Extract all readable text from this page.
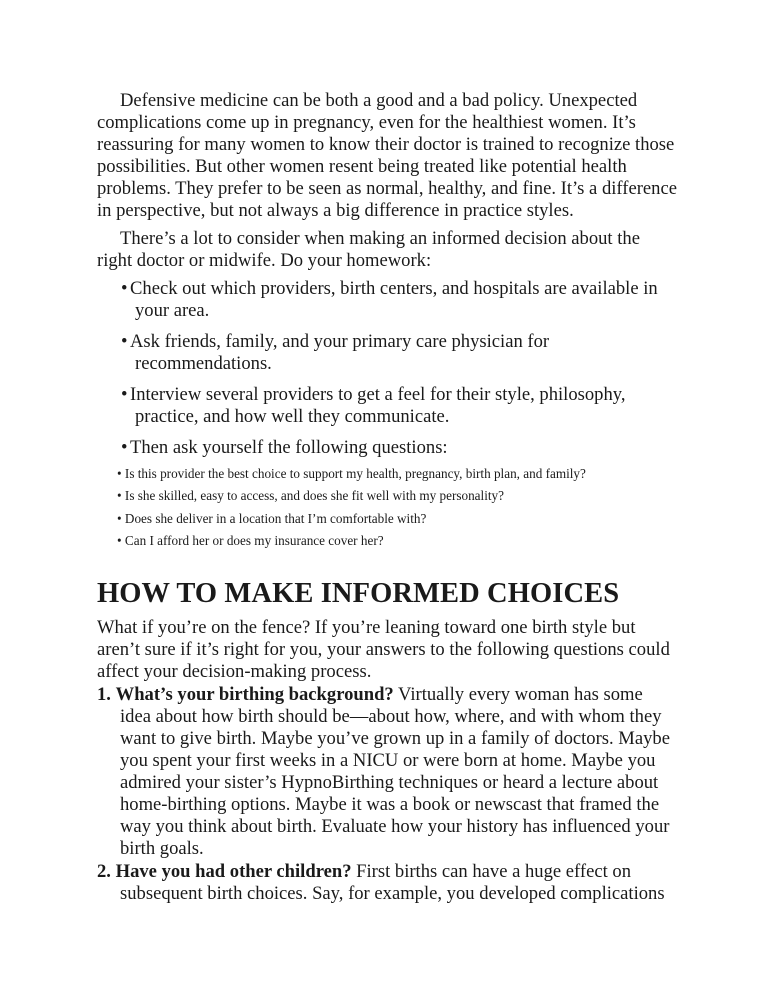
Defensive medicine can be both a good and a bad policy. Unexpected complications come up in pregnancy, even for the healthiest women. It’s reassuring for many women to know their doctor is trained to recognize those possibilities. But other women resent being treated like potential health problems. They prefer to be seen as normal, healthy, and fine. It’s a difference in perspective, but not always a big difference in practice styles.

There’s a lot to consider when making an informed decision about the right doctor or midwife. Do your homework:

• Check out which providers, birth centers, and hospitals are available in your area.
• Ask friends, family, and your primary care physician for recommendations.
• Interview several providers to get a feel for their style, philosophy, practice, and how well they communicate.
• Then ask yourself the following questions:
• Is this provider the best choice to support my health, pregnancy, birth plan, and family?
• Is she skilled, easy to access, and does she fit well with my personality?
• Does she deliver in a location that I’m comfortable with?
• Can I afford her or does my insurance cover her?
HOW TO MAKE INFORMED CHOICES

What if you’re on the fence? If you’re leaning toward one birth style but aren’t sure if it’s right for you, your answers to the following questions could affect your decision-making process.

1. What’s your birthing background? Virtually every woman has some idea about how birth should be—about how, where, and with whom they want to give birth. Maybe you’ve grown up in a family of doctors. Maybe you spent your first weeks in a NICU or were born at home. Maybe you admired your sister’s HypnoBirthing techniques or heard a lecture about home-birthing options. Maybe it was a book or newscast that framed the way you think about birth. Evaluate how your history has influenced your birth goals.
2. Have you had other children? First births can have a huge effect on subsequent birth choices. Say, for example, you developed complications
